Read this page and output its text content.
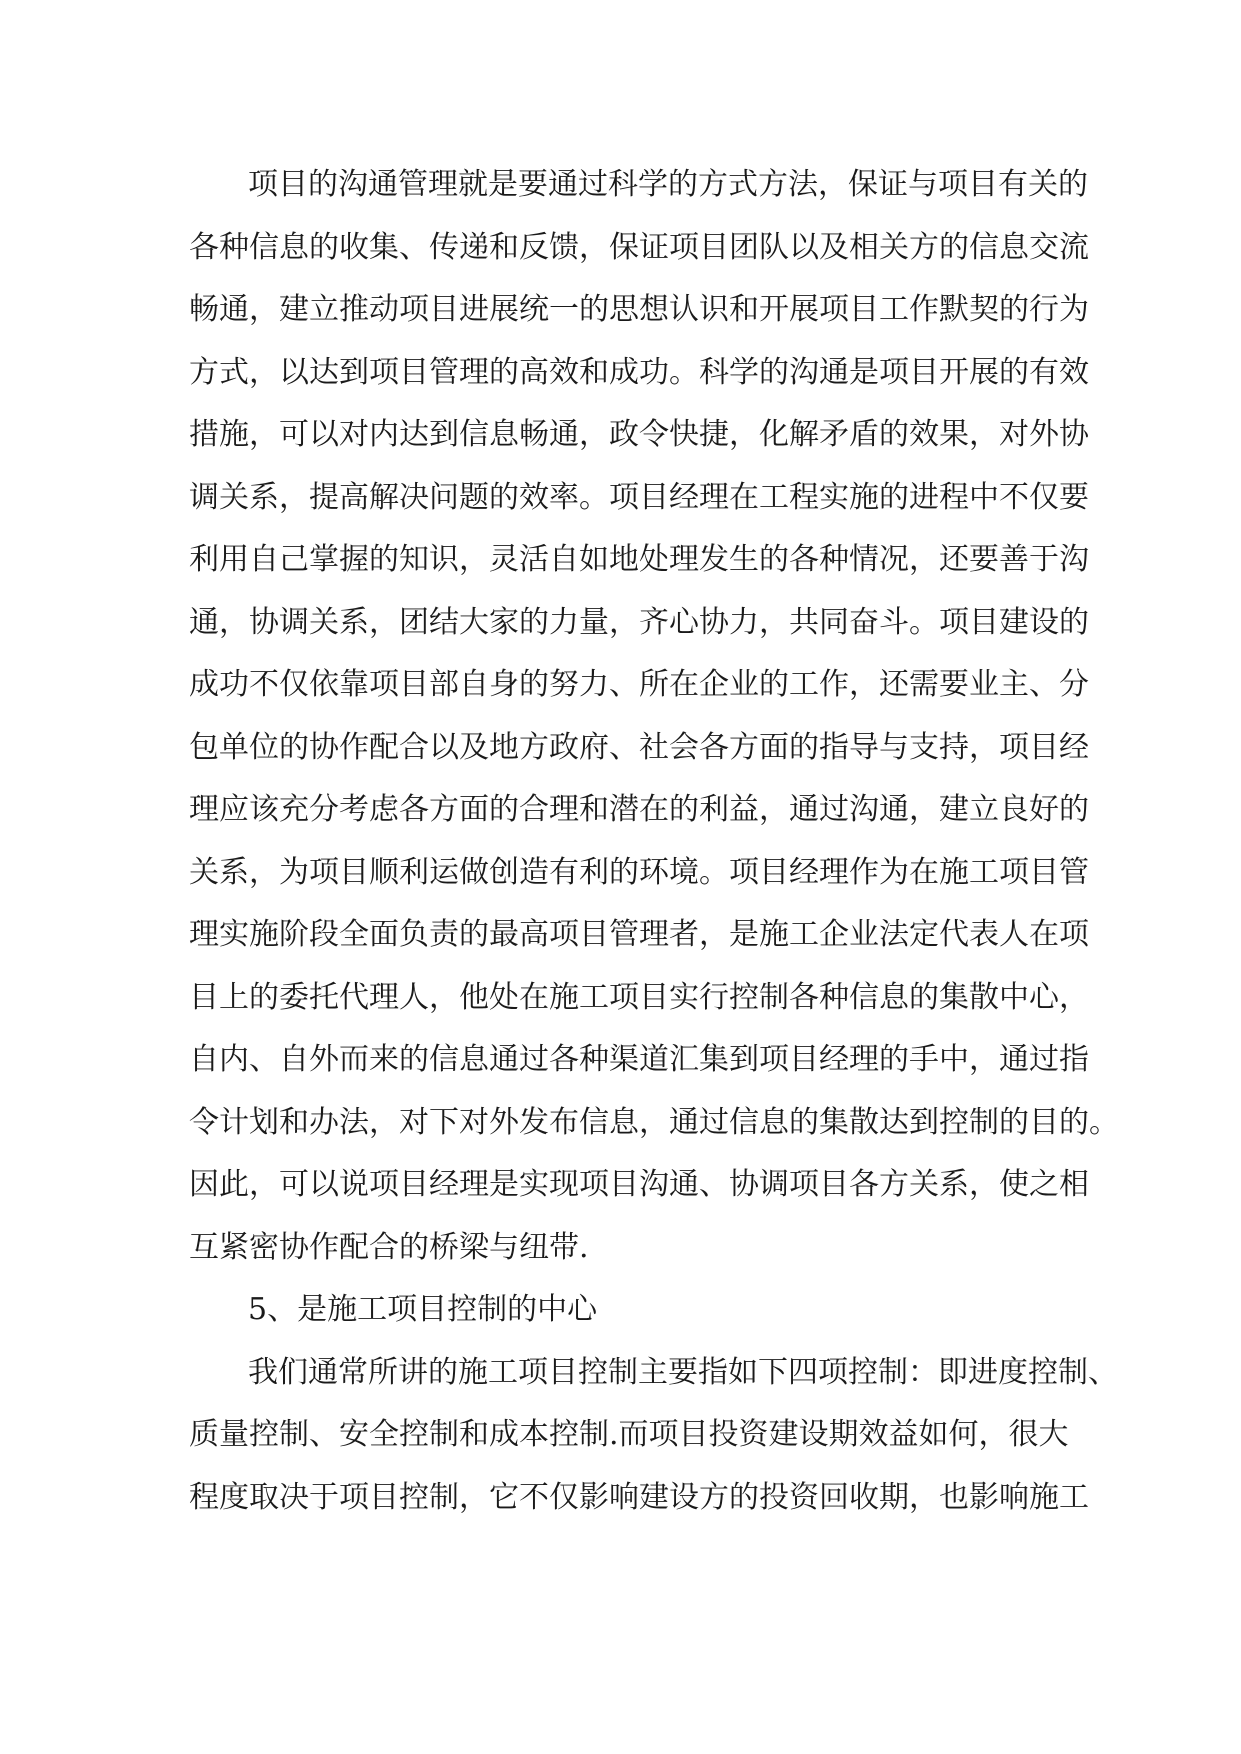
项目的沟通管理就是要通过科学的方式方法，保证与项目有关的
各种信息的收集、传递和反馈，保证项目团队以及相关方的信息交流
畅通，建立推动项目进展统一的思想认识和开展项目工作默契的行为
方式，以达到项目管理的高效和成功。科学的沟通是项目开展的有效
措施，可以对内达到信息畅通，政令快捷，化解矛盾的效果，对外协
调关系，提高解决问题的效率。项目经理在工程实施的进程中不仅要
利用自己掌握的知识，灵活自如地处理发生的各种情况，还要善于沟
通，协调关系，团结大家的力量，齐心协力，共同奋斗。项目建设的
成功不仅依靠项目部自身的努力、所在企业的工作，还需要业主、分
包单位的协作配合以及地方政府、社会各方面的指导与支持，项目经
理应该充分考虑各方面的合理和潜在的利益，通过沟通，建立良好的
关系，为项目顺利运做创造有利的环境。项目经理作为在施工项目管
理实施阶段全面负责的最高项目管理者，是施工企业法定代表人在项
目上的委托代理人，他处在施工项目实行控制各种信息的集散中心，
自内、自外而来的信息通过各种渠道汇集到项目经理的手中，通过指
令计划和办法，对下对外发布信息，通过信息的集散达到控制的目的。
因此，可以说项目经理是实现项目沟通、协调项目各方关系，使之相
互紧密协作配合的桥梁与纽带.
5、是施工项目控制的中心
我们通常所讲的施工项目控制主要指如下四项控制：即进度控制、
质量控制、安全控制和成本控制.而项目投资建设期效益如何，很大
程度取决于项目控制，它不仅影响建设方的投资回收期，也影响施工
